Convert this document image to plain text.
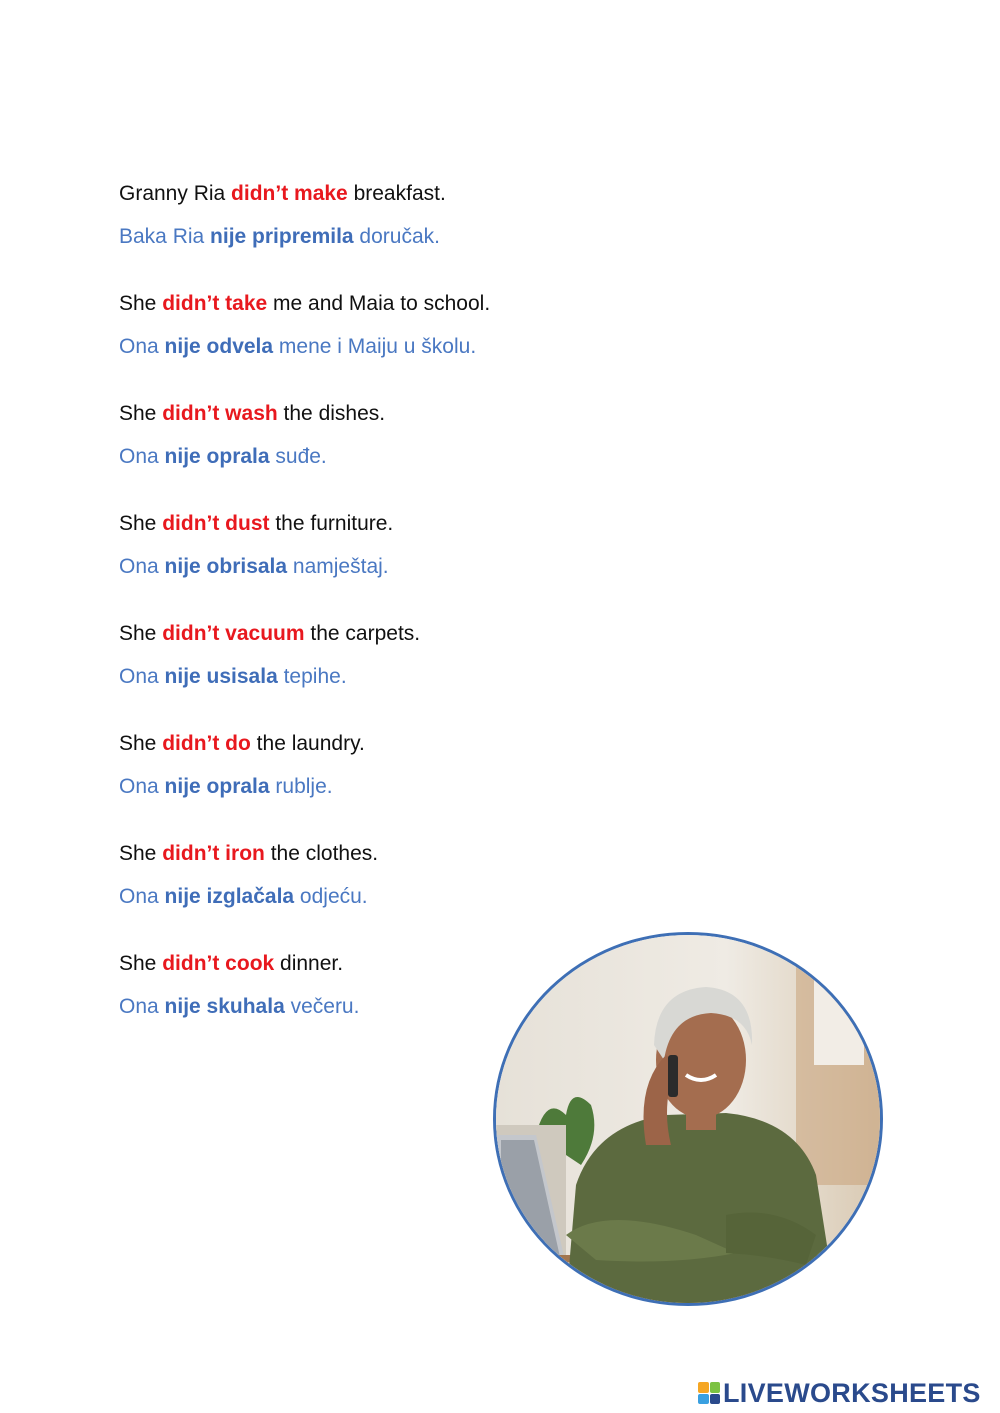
Granny Ria didn’t make breakfast.
Baka Ria nije pripremila doručak.
She didn’t take me and Maia to school.
Ona nije odvela mene i Maiju u školu.
She didn’t wash the dishes.
Ona nije oprala suđe.
She didn’t dust the furniture.
Ona nije obrisala namještaj.
She didn’t vacuum the carpets.
Ona nije usisala tepihe.
She didn’t do the laundry.
Ona nije oprala rublje.
She didn’t iron the clothes.
Ona nije izglačala odjeću.
She didn’t cook dinner.
Ona nije skuhala večeru.
LIVEWORKSHEETS
